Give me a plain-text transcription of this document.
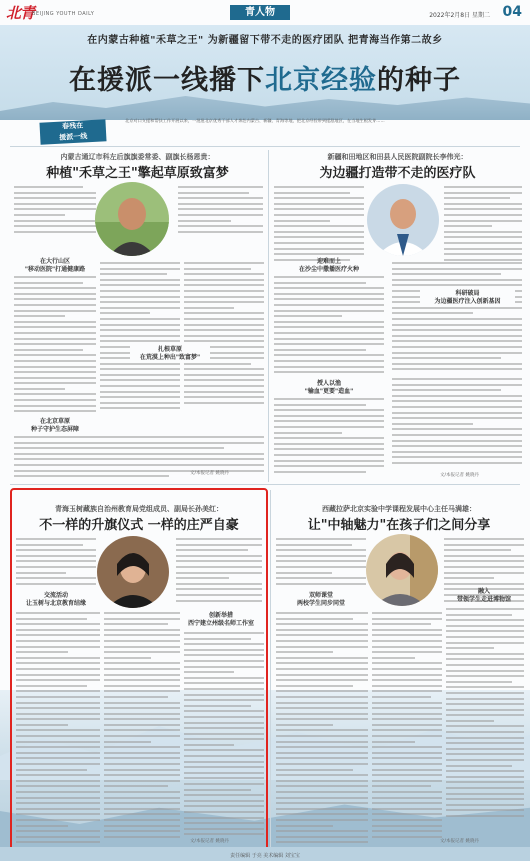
北青
BEIJING YOUTH DAILY	青人物	2022年2月8日 星期二 04
在内蒙古种植"禾草之王" 为新疆留下带不走的医疗团队 把青海当作第二故乡
在援派一线播下北京经验的种子
春残在
援派一线
北京对口支援和帮扶工作开展以来，一批批北京优秀干部人才奔赴内蒙古、新疆、青海等地，把北京经验带到援派地区，在当地生根发芽……
内蒙古通辽市科左后旗旗委常委、副旗长杨恩贵：
种植"禾草之王"擎起草原致富梦
在大行山区
"移动医院"打通健康路
扎根草原
在荒漠上种出"致富梦"
在北京草原
种子守护生态屏障
文/本报记者 姚晓丹
新疆和田地区和田县人民医院副院长李伟光：
为边疆打造带不走的医疗队
迎难而上
在沙尘中撒播医疗火种
授人以渔
"输血"更要"造血"
科研破局
为边疆医疗注入创新基因
文/本报记者 姚晓丹
青海玉树藏族自治州教育局党组成员、副局长孙美红：
不一样的升旗仪式 一样的庄严自豪
交流活动
让玉树与北京教育结缘
创新举措
西宁建立州级名师工作室
文/本报记者 姚晓丹
西藏拉萨北京实验中学课程发展中心主任马满雄：
让"中轴魅力"在孩子们之间分享
双师课堂
两校学生同步同堂
融入
带领学生走进博物馆
文/本报记者 姚晓丹
责任编辑 于亮 美术编辑 刘宝宝
